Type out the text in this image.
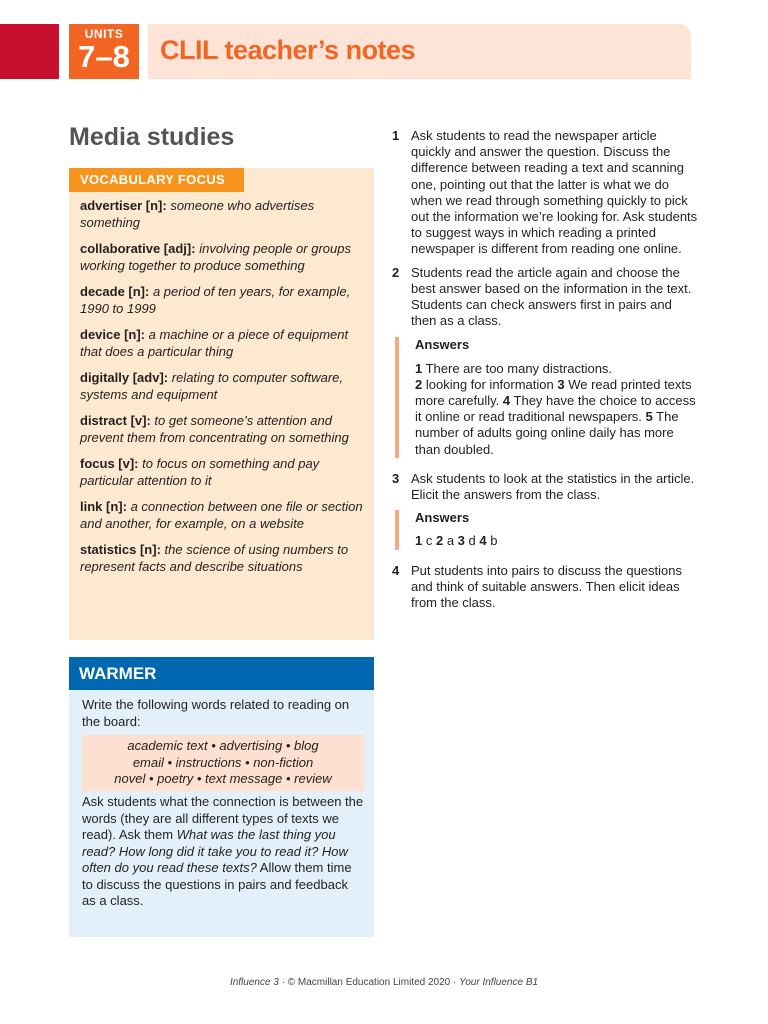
UNITS
7–8	CLIL teacher’s notes
Media studies
VOCABULARY FOCUS
advertiser [n]: someone who advertises something
collaborative [adj]: involving people or groups working together to produce something
decade [n]: a period of ten years, for example, 1990 to 1999
device [n]: a machine or a piece of equipment that does a particular thing
digitally [adv]: relating to computer software, systems and equipment
distract [v]: to get someone’s attention and prevent them from concentrating on something
focus [v]: to focus on something and pay particular attention to it
link [n]: a connection between one file or section and another, for example, on a website
statistics [n]: the science of using numbers to represent facts and describe situations
WARMER
Write the following words related to reading on the board:
academic text • advertising • blog
email • instructions • non-fiction
novel • poetry • text message • review
Ask students what the connection is between the words (they are all different types of texts we read). Ask them What was the last thing you read? How long did it take you to read it? How often do you read these texts? Allow them time to discuss the questions in pairs and feedback as a class.
1 Ask students to read the newspaper article quickly and answer the question. Discuss the difference between reading a text and scanning one, pointing out that the latter is what we do when we read through something quickly to pick out the information we’re looking for. Ask students to suggest ways in which reading a printed newspaper is different from reading one online.
2 Students read the article again and choose the best answer based on the information in the text. Students can check answers first in pairs and then as a class.
Answers
1 There are too many distractions.
2 looking for information 3 We read printed texts more carefully. 4 They have the choice to access it online or read traditional newspapers. 5 The number of adults going online daily has more than doubled.
3 Ask students to look at the statistics in the article. Elicit the answers from the class.
Answers
1 c 2 a 3 d 4 b
4 Put students into pairs to discuss the questions and think of suitable answers. Then elicit ideas from the class.
Influence 3 · © Macmillan Education Limited 2020 · Your Influence B1
